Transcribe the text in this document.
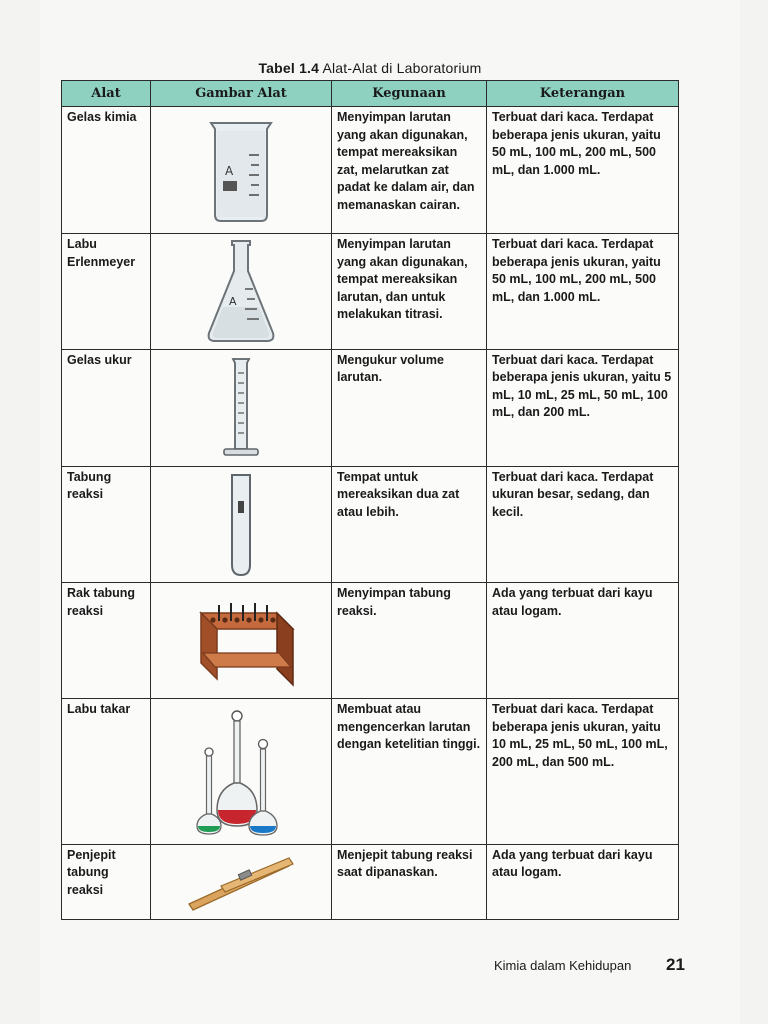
Tabel 1.4 Alat-Alat di Laboratorium
Alat	Gambar Alat	Kegunaan	Keterangan
Gelas kimia	A	Menyimpan larutan yang akan digunakan, tempat mereaksikan zat, melarutkan zat padat ke dalam air, dan memanaskan cairan.	Terbuat dari kaca. Terdapat beberapa jenis ukuran, yaitu 50 mL, 100 mL, 200 mL, 500 mL, dan 1.000 mL.
Labu Erlenmeyer	A	Menyimpan larutan yang akan digunakan, tempat mereaksikan larutan, dan untuk melakukan titrasi.	Terbuat dari kaca. Terdapat beberapa jenis ukuran, yaitu 50 mL, 100 mL, 200 mL, 500 mL, dan 1.000 mL.
Gelas ukur		Mengukur volume larutan.	Terbuat dari kaca. Terdapat beberapa jenis ukuran, yaitu 5 mL, 10 mL, 25 mL, 50 mL, 100 mL, dan 200 mL.
Tabung reaksi		Tempat untuk mereaksikan dua zat atau lebih.	Terbuat dari kaca. Terdapat ukuran besar, sedang, dan kecil.
Rak tabung reaksi		Menyimpan tabung reaksi.	Ada yang terbuat dari kayu atau logam.
Labu takar		Membuat atau mengencerkan larutan dengan ketelitian tinggi.	Terbuat dari kaca. Terdapat beberapa jenis ukuran, yaitu 10 mL, 25 mL, 50 mL, 100 mL, 200 mL, dan 500 mL.
Penjepit tabung reaksi		Menjepit tabung reaksi saat dipanaskan.	Ada yang terbuat dari kayu atau logam.
Kimia dalam Kehidupan 21
